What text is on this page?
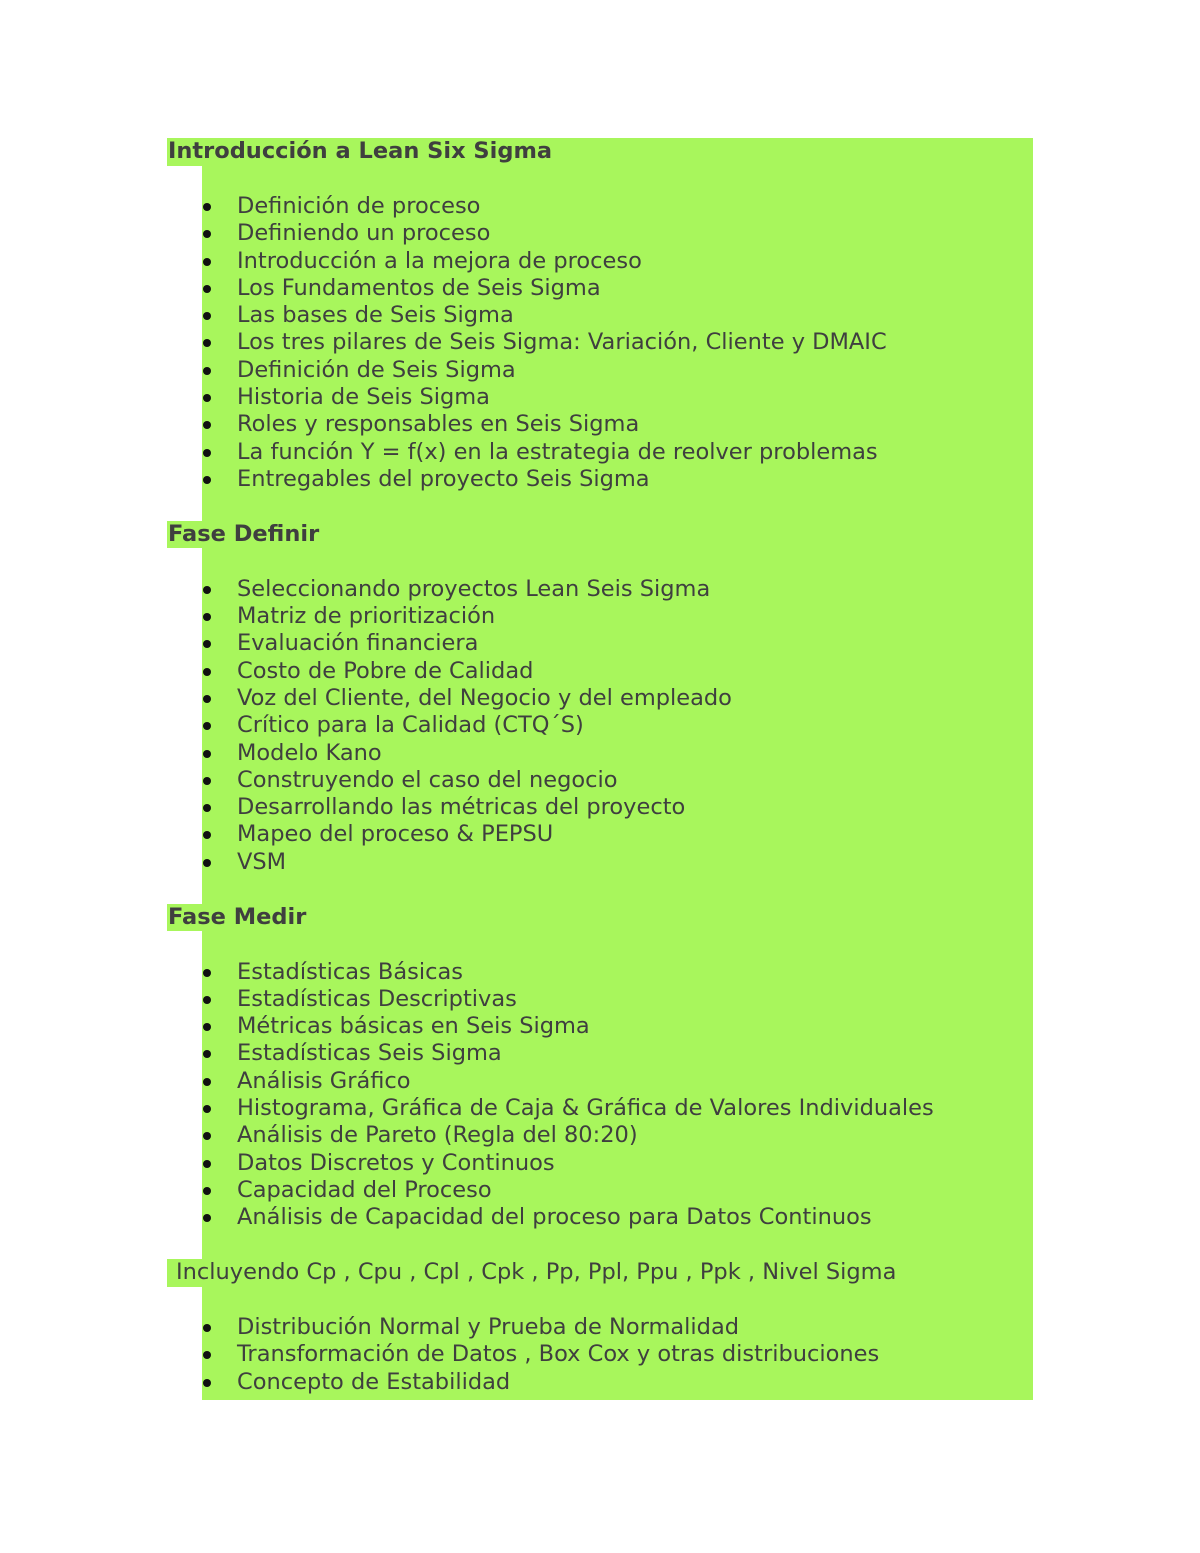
Introducción a Lean Six Sigma
Definición de proceso
Definiendo un proceso
Introducción a la mejora de proceso
Los Fundamentos de Seis Sigma
Las bases de Seis Sigma
Los tres pilares de Seis Sigma: Variación, Cliente y DMAIC
Definición de Seis Sigma
Historia de Seis Sigma
Roles y responsables en Seis Sigma
La función Y = f(x) en la estrategia de reolver problemas
Entregables del proyecto Seis Sigma
Fase Definir
Seleccionando proyectos Lean Seis Sigma
Matriz de prioritización
Evaluación financiera
Costo de Pobre de Calidad
Voz del Cliente, del Negocio y del empleado
Crítico para la Calidad (CTQ´S)
Modelo Kano
Construyendo el caso del negocio
Desarrollando las métricas del proyecto
Mapeo del proceso & PEPSU
VSM
Fase Medir
Estadísticas Básicas
Estadísticas Descriptivas
Métricas básicas en Seis Sigma
Estadísticas Seis Sigma
Análisis Gráfico
Histograma, Gráfica de Caja & Gráfica de Valores Individuales
Análisis de Pareto (Regla del 80:20)
Datos Discretos y Continuos
Capacidad del Proceso
Análisis de Capacidad del proceso para Datos Continuos
Incluyendo Cp , Cpu , Cpl , Cpk , Pp, Ppl, Ppu , Ppk , Nivel Sigma
Distribución Normal y Prueba de Normalidad
Transformación de Datos , Box Cox y otras distribuciones
Concepto de Estabilidad
